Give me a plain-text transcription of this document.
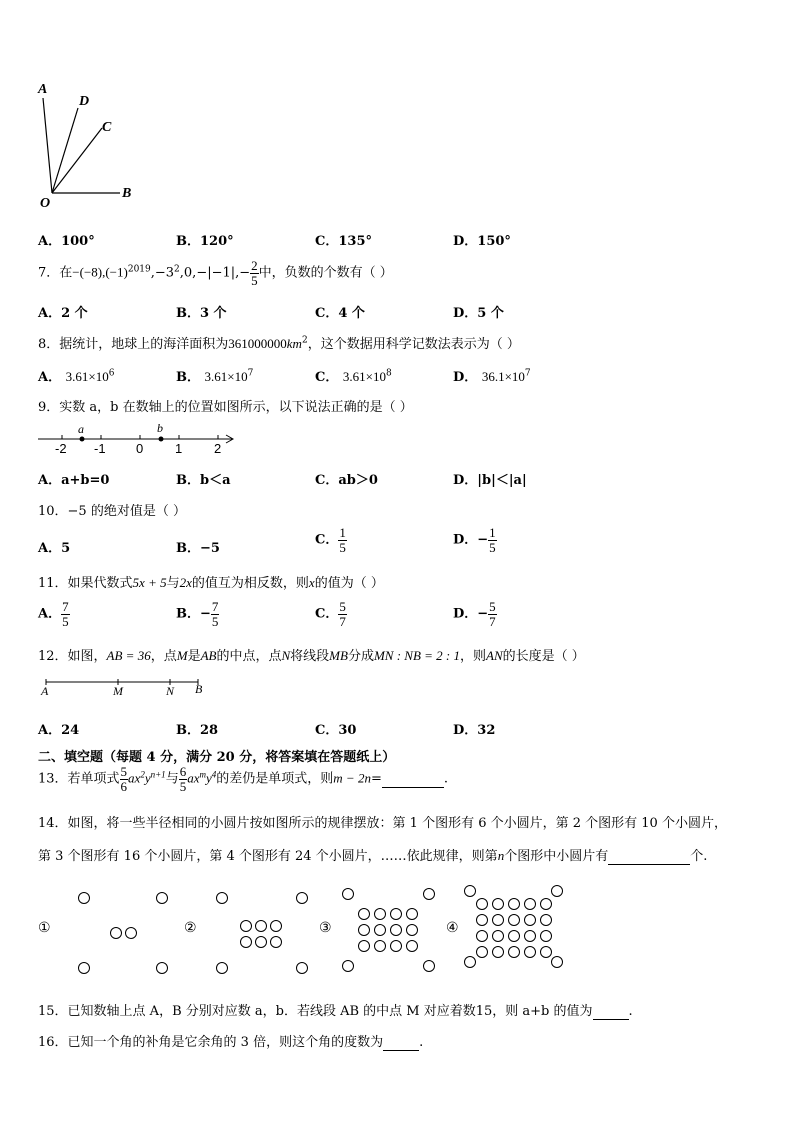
A
D
C
O
B
A．100°	B．120°	C．135°	D．150°
7．在$-(-8),(-1)^{2019},-3^2,0,-|-1|,- \frac{2}{5}$ 中，负数的个数有（ ）
A．2 个	B．3 个	C．4 个	D．5 个
8．据统计，地球上的海洋面积为$361000000km^2$，这个数据用科学记数法表示为（ ）
A． $3.61\times 10^6$	B． $3.61\times 10^7$	C． $3.61\times 10^8$	D． $36.1\times 10^7$
9．实数 a，b 在数轴上的位置如图所示，以下说法正确的是（ ）
a	b
-2 -1 0 1 2
A．a+b=0	B．b＜a	C．ab＞0	D．|b|＜|a|
10．−5 的绝对值是（ ）
A．5	B．−5
C． $\frac{1}{5}$	D．− $\frac{1}{5}$
11．如果代数式5x + 5与2x的值互为相反数，则x的值为（ ）
A． $\frac{7}{5}$	B．− $\frac{7}{5}$	C． $\frac{5}{7}$	D．− $\frac{5}{7}$
12．如图，AB = 36，点M是AB的中点，点N将线段MB分成MN : NB = 2 : 1，则AN的长度是（ ）
A	M	N B
A．24	B．28	C．30	D．32
二、填空题（每题 4 分，满分 20 分，将答案填在答题纸上）
13．若单项式 $\frac{5}{6} ax^2y^{n+1}$与 $\frac{6}{5} ax^my^4$的差仍是单项式，则m − 2n=	.
14．如图，将一些半径相同的小圆片按如图所示的规律摆放：第 1 个图形有 6 个小圆片，第 2 个图形有 10 个小圆片，
第 3 个图形有 16 个小圆片，第 4 个图形有 24 个小圆片，……依此规律，则第n个图形中小圆片有	个.
①	②	③	④
15．已知数轴上点 A，B 分别对应数 a，b．若线段 AB 的中点 M 对应着数15，则 a+b 的值为	.
16．已知一个角的补角是它余角的 3 倍，则这个角的度数为	.
